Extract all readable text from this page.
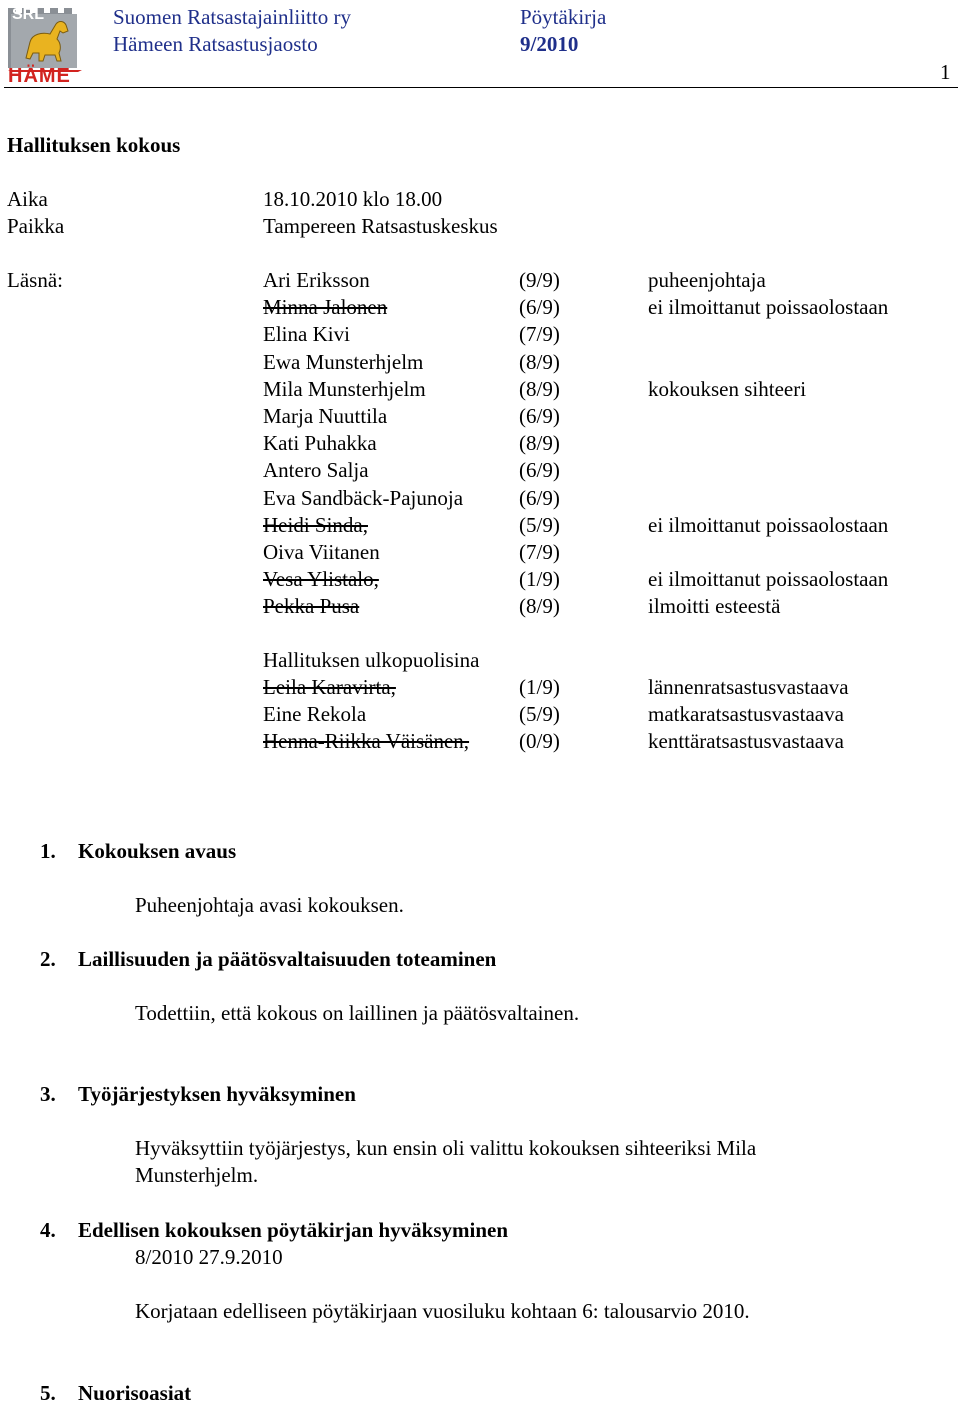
SRL
HÄME
Suomen Ratsastajainliitto ry
Hämeen Ratsastusjaosto
Pöytäkirja
9/2010
1
Hallituksen kokous
Aika	18.10.2010 klo 18.00
Paikka	Tampereen Ratsastuskeskus
Läsnä:	Ari Eriksson	(9/9)	puheenjohtaja
Minna Jalonen	(6/9)	ei ilmoittanut poissaolostaan
Elina Kivi	(7/9)
Ewa Munsterhjelm	(8/9)
Mila Munsterhjelm	(8/9)	kokouksen sihteeri
Marja Nuuttila	(6/9)
Kati Puhakka	(8/9)
Antero Salja	(6/9)
Eva Sandbäck-Pajunoja	(6/9)
Heidi Sinda,	(5/9)	ei ilmoittanut poissaolostaan
Oiva Viitanen	(7/9)
Vesa Ylistalo,	(1/9)	ei ilmoittanut poissaolostaan
Pekka Pusa	(8/9)	ilmoitti esteestä
Hallituksen ulkopuolisina
Leila Karavirta,	(1/9)	lännenratsastusvastaava
Eine Rekola	(5/9)	matkaratsastusvastaava
Henna-Riikka Väisänen, (0/9)	kenttäratsastusvastaava
1. Kokouksen avaus
Puheenjohtaja avasi kokouksen.
2. Laillisuuden ja päätösvaltaisuuden toteaminen
Todettiin, että kokous on laillinen ja päätösvaltainen.
3. Työjärjestyksen hyväksyminen
Hyväksyttiin työjärjestys, kun ensin oli valittu kokouksen sihteeriksi Mila
Munsterhjelm.
4. Edellisen kokouksen pöytäkirjan hyväksyminen
8/2010 27.9.2010
Korjataan edelliseen pöytäkirjaan vuosiluku kohtaan 6: talousarvio 2010.
5. Nuorisoasiat
